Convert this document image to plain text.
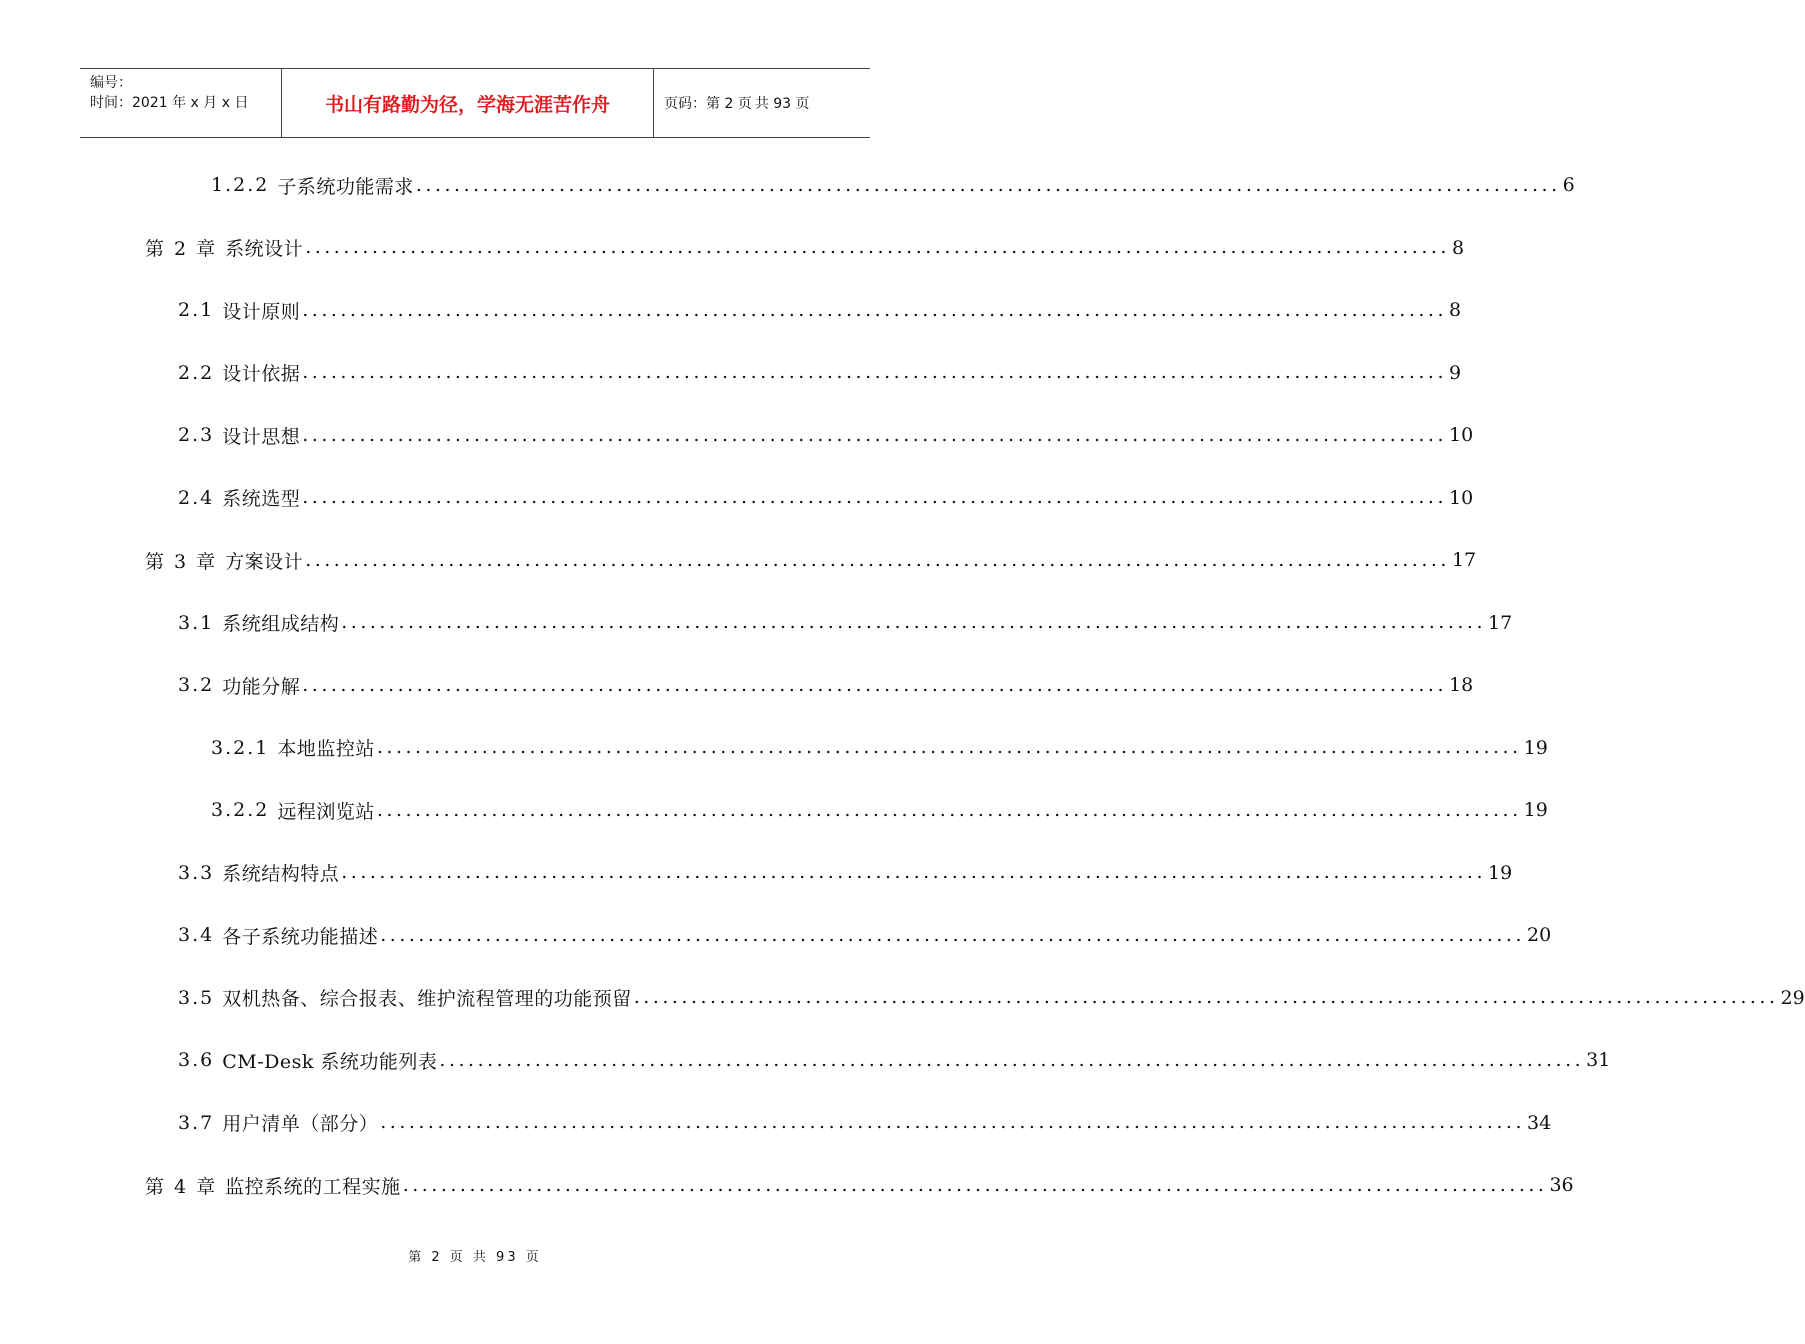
编号：
时间：2021 年 x 月 x 日	书山有路勤为径，学海无涯苦作舟	页码：第 2 页 共 93 页
1.2.2 子系统功能需求 ........................................................................................................................ 6
第 2 章 系统设计 ........................................................................................................................ 8
2.1 设计原则 ........................................................................................................................ 8
2.2 设计依据 ........................................................................................................................ 9
2.3 设计思想 ........................................................................................................................ 10
2.4 系统选型 ........................................................................................................................ 10
第 3 章 方案设计 ........................................................................................................................ 17
3.1 系统组成结构 ........................................................................................................................ 17
3.2 功能分解 ........................................................................................................................ 18
3.2.1 本地监控站 ........................................................................................................................ 19
3.2.2 远程浏览站 ........................................................................................................................ 19
3.3 系统结构特点 ........................................................................................................................ 19
3.4 各子系统功能描述 ........................................................................................................................ 20
3.5 双机热备、综合报表、维护流程管理的功能预留 ........................................................................................................................ 29
3.6 CM-Desk 系统功能列表 ........................................................................................................................ 31
3.7 用户清单（部分） ........................................................................................................................ 34
第 4 章 监控系统的工程实施 ........................................................................................................................ 36
第 2 页 共 93 页
